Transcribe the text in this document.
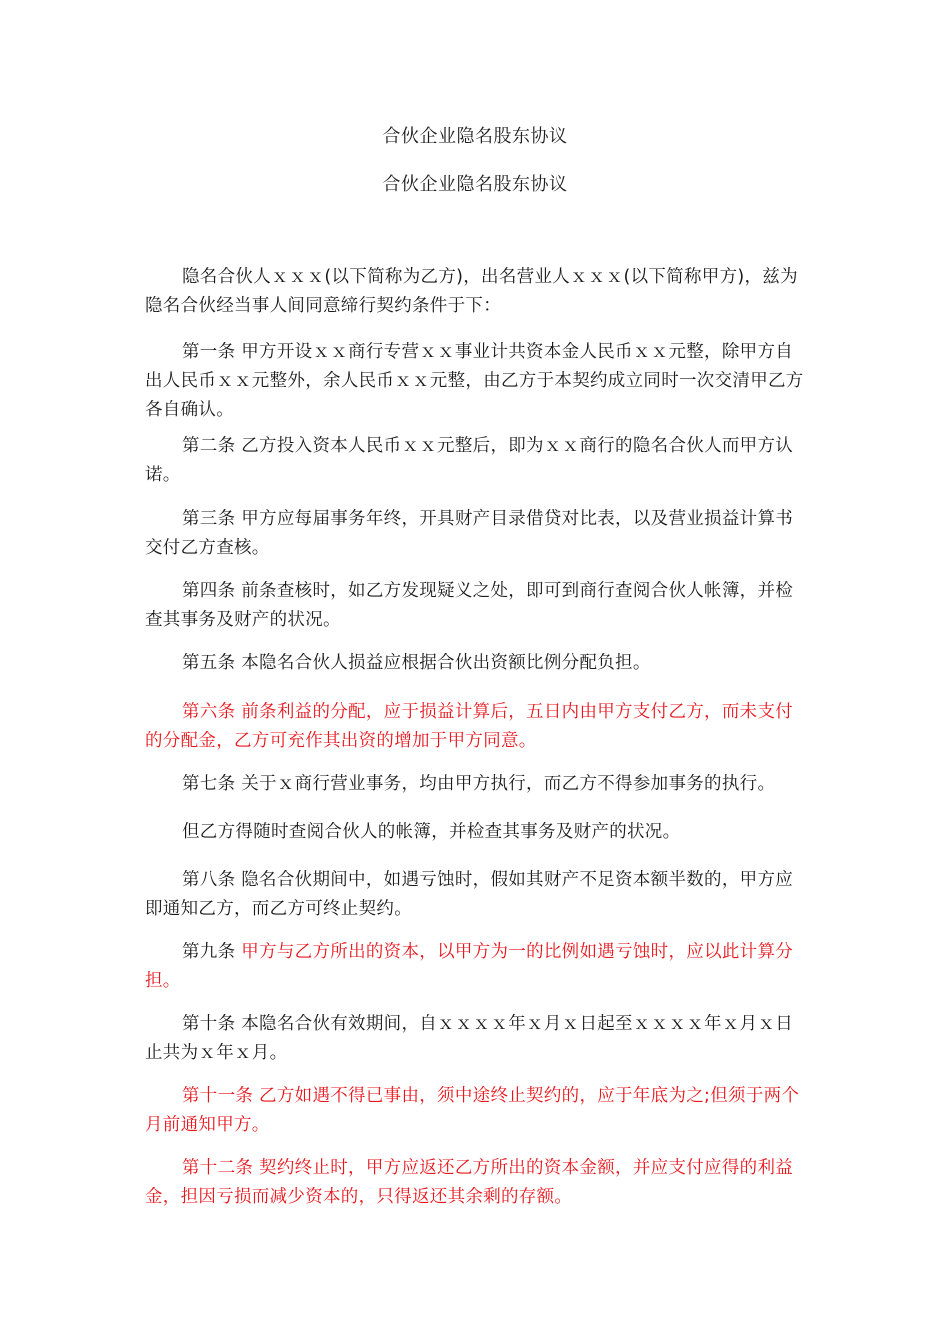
合伙企业隐名股东协议
合伙企业隐名股东协议

隐名合伙人ｘｘｘ(以下简称为乙方)，出名营业人ｘｘｘ(以下简称甲方)，兹为隐名合伙经当事人间同意缔行契约条件于下：

第一条 甲方开设ｘｘ商行专营ｘｘ事业计共资本金人民币ｘｘ元整，除甲方自出人民币ｘｘ元整外，余人民币ｘｘ元整，由乙方于本契约成立同时一次交清甲乙方各自确认。

第二条 乙方投入资本人民币ｘｘ元整后，即为ｘｘ商行的隐名合伙人而甲方认诺。

第三条 甲方应每届事务年终，开具财产目录借贷对比表，以及营业损益计算书交付乙方查核。

第四条 前条查核时，如乙方发现疑义之处，即可到商行查阅合伙人帐簿，并检查其事务及财产的状况。

第五条 本隐名合伙人损益应根据合伙出资额比例分配负担。

第六条 前条利益的分配，应于损益计算后，五日内由甲方支付乙方，而未支付的分配金，乙方可充作其出资的增加于甲方同意。

第七条 关于ｘ商行营业事务，均由甲方执行，而乙方不得参加事务的执行。

但乙方得随时查阅合伙人的帐簿，并检查其事务及财产的状况。

第八条 隐名合伙期间中，如遇亏蚀时，假如其财产不足资本额半数的，甲方应即通知乙方，而乙方可终止契约。

第九条 甲方与乙方所出的资本，以甲方为一的比例如遇亏蚀时，应以此计算分担。

第十条 本隐名合伙有效期间，自ｘｘｘｘ年ｘ月ｘ日起至ｘｘｘｘ年ｘ月ｘ日止共为ｘ年ｘ月。

第十一条 乙方如遇不得已事由，须中途终止契约的，应于年底为之;但须于两个月前通知甲方。

第十二条 契约终止时，甲方应返还乙方所出的资本金额，并应支付应得的利益金，担因亏损而减少资本的，只得返还其余剩的存额。
